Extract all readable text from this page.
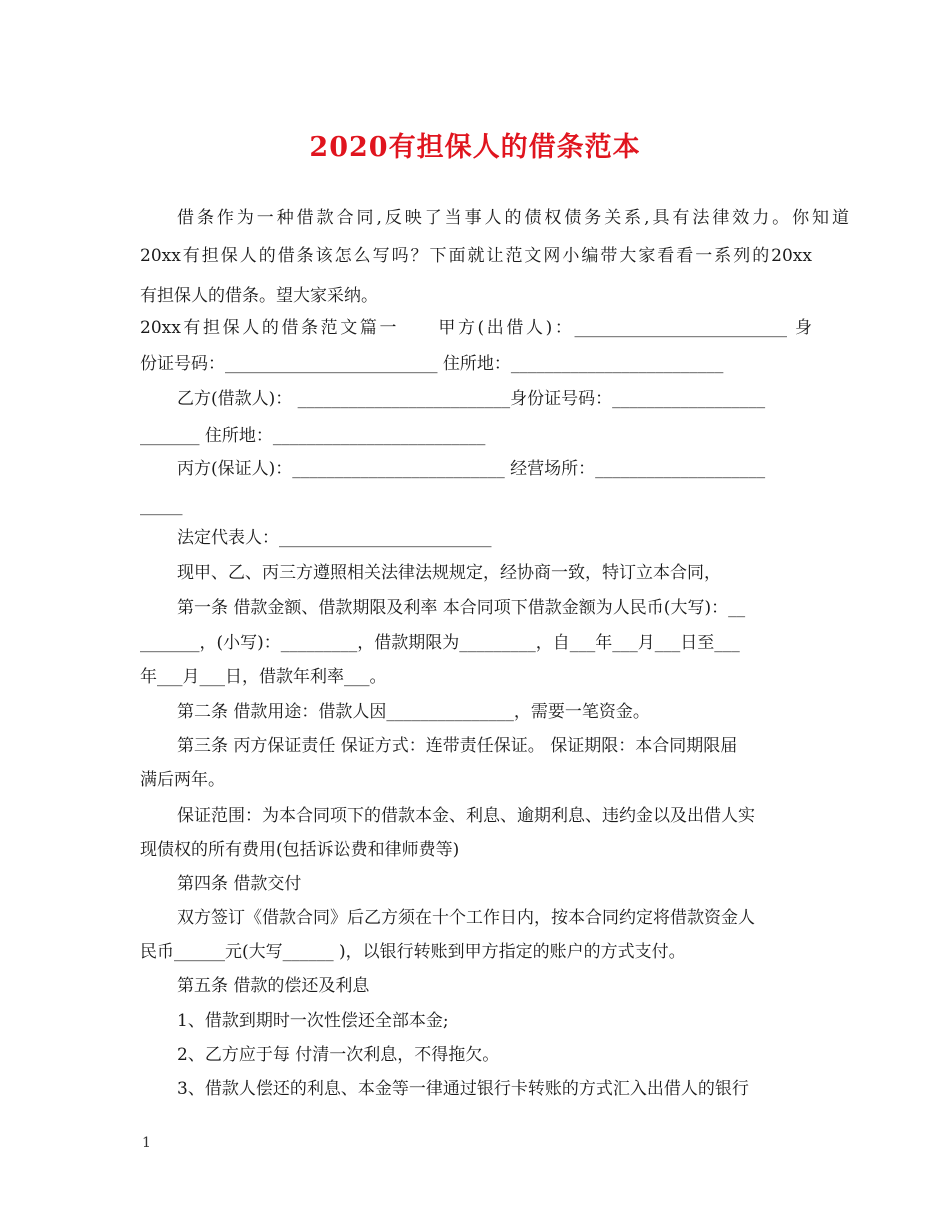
2020有担保人的借条范本
借条作为一种借款合同,反映了当事人的债权债务关系,具有法律效力。你知道
20xx有担保人的借条该怎么写吗？下面就让范文网小编带大家看看一系列的20xx
有担保人的借条。望大家采纳。
20xx有担保人的借条范文篇一　　甲方(出借人)：_________________________ 身
份证号码：_________________________ 住所地：_________________________
乙方(借款人)： _________________________身份证号码：__________________
_______ 住所地：_________________________
丙方(保证人)：_________________________ 经营场所：____________________
_____
法定代表人：_________________________
现甲、乙、丙三方遵照相关法律法规规定，经协商一致，特订立本合同，
第一条 借款金额、借款期限及利率 本合同项下借款金额为人民币(大写)：__
_______，(小写)：_________，借款期限为_________，自___年___月___日至___
年___月___日，借款年利率___。
第二条 借款用途：借款人因_______________，需要一笔资金。
第三条 丙方保证责任 保证方式：连带责任保证。 保证期限：本合同期限届
满后两年。
保证范围：为本合同项下的借款本金、利息、逾期利息、违约金以及出借人实
现债权的所有费用(包括诉讼费和律师费等)
第四条 借款交付
双方签订《借款合同》后乙方须在十个工作日内，按本合同约定将借款资金人
民币______元(大写______ )，以银行转账到甲方指定的账户的方式支付。
第五条 借款的偿还及利息
1、借款到期时一次性偿还全部本金;
2、乙方应于每 付清一次利息，不得拖欠。
3、借款人偿还的利息、本金等一律通过银行卡转账的方式汇入出借人的银行
1
